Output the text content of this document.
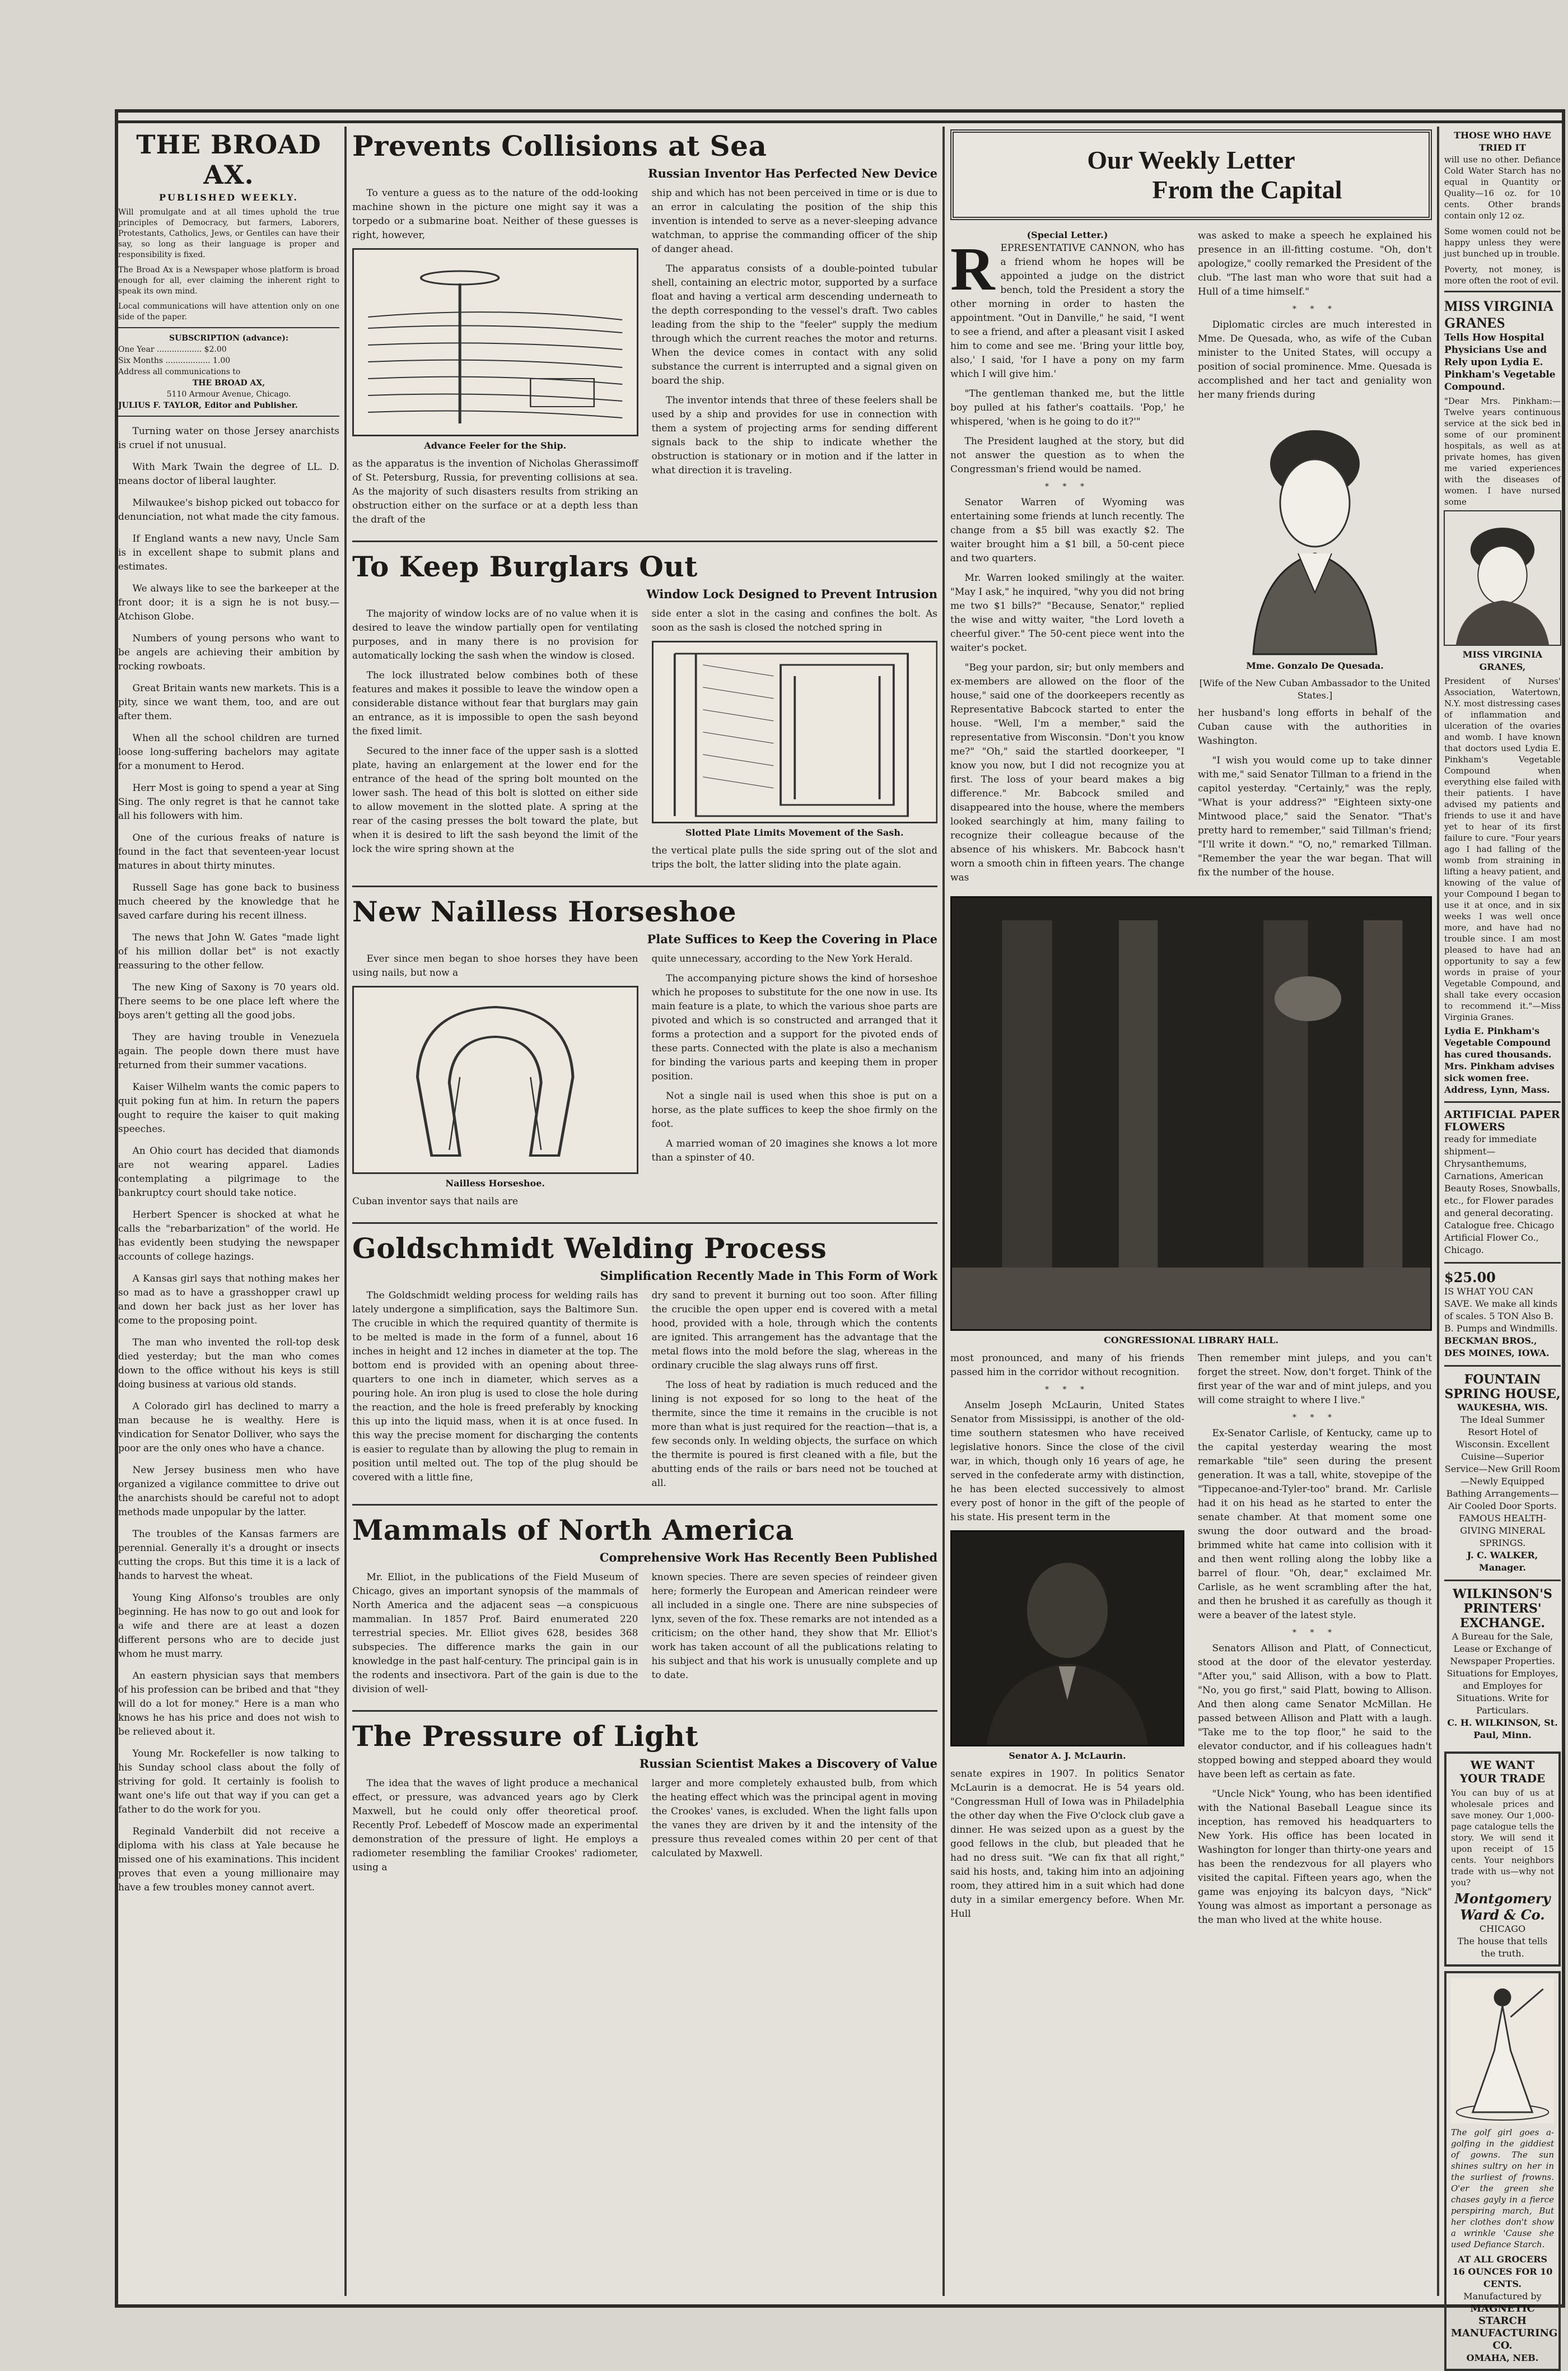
THE BROAD AX.
PUBLISHED WEEKLY.
Will promulgate and at all times uphold the true principles of Democracy, but farmers, Laborers, Protestants, Catholics, Jews, or Gentiles can have their say, so long as their language is proper and responsibility is fixed.
The Broad Ax is a Newspaper whose platform is broad enough for all, ever claiming the inherent right to speak its own mind.
Local communications will have attention only on one side of the paper.
SUBSCRIPTION (advance):
One Year .................. $2.00
Six Months .................. 1.00
Address all communications to
THE BROAD AX,
5110 Armour Avenue, Chicago.
JULIUS F. TAYLOR, Editor and Publisher.

Turning water on those Jersey anarchists is cruel if not unusual.

With Mark Twain the degree of LL. D. means doctor of liberal laughter.

Milwaukee's bishop picked out tobacco for denunciation, not what made the city famous.

If England wants a new navy, Uncle Sam is in excellent shape to submit plans and estimates.

We always like to see the barkeeper at the front door; it is a sign he is not busy.—Atchison Globe.

Numbers of young persons who want to be angels are achieving their ambition by rocking rowboats.

Great Britain wants new markets. This is a pity, since we want them, too, and are out after them.

When all the school children are turned loose long-suffering bachelors may agitate for a monument to Herod.

Herr Most is going to spend a year at Sing Sing. The only regret is that he cannot take all his followers with him.

One of the curious freaks of nature is found in the fact that seventeen-year locust matures in about thirty minutes.

Russell Sage has gone back to business much cheered by the knowledge that he saved carfare during his recent illness.

The news that John W. Gates "made light of his million dollar bet" is not exactly reassuring to the other fellow.

The new King of Saxony is 70 years old. There seems to be one place left where the boys aren't getting all the good jobs.

They are having trouble in Venezuela again. The people down there must have returned from their summer vacations.

Kaiser Wilhelm wants the comic papers to quit poking fun at him. In return the papers ought to require the kaiser to quit making speeches.

An Ohio court has decided that diamonds are not wearing apparel. Ladies contemplating a pilgrimage to the bankruptcy court should take notice.

Herbert Spencer is shocked at what he calls the "rebarbarization" of the world. He has evidently been studying the newspaper accounts of college hazings.

A Kansas girl says that nothing makes her so mad as to have a grasshopper crawl up and down her back just as her lover has come to the proposing point.

The man who invented the roll-top desk died yesterday; but the man who comes down to the office without his keys is still doing business at various old stands.

A Colorado girl has declined to marry a man because he is wealthy. Here is vindication for Senator Dolliver, who says the poor are the only ones who have a chance.

New Jersey business men who have organized a vigilance committee to drive out the anarchists should be careful not to adopt methods made unpopular by the latter.

The troubles of the Kansas farmers are perennial. Generally it's a drought or insects cutting the crops. But this time it is a lack of hands to harvest the wheat.

Young King Alfonso's troubles are only beginning. He has now to go out and look for a wife and there are at least a dozen different persons who are to decide just whom he must marry.

An eastern physician says that members of his profession can be bribed and that "they will do a lot for money." Here is a man who knows he has his price and does not wish to be relieved about it.

Young Mr. Rockefeller is now talking to his Sunday school class about the folly of striving for gold. It certainly is foolish to want one's life out that way if you can get a father to do the work for you.

Reginald Vanderbilt did not receive a diploma with his class at Yale because he missed one of his examinations. This incident proves that even a young millionaire may have a few troubles money cannot avert.

Prevents Collisions at Sea
Russian Inventor Has Perfected New Device

To venture a guess as to the nature of the odd-looking machine shown in the picture one might say it was a torpedo or a submarine boat. Neither of these guesses is right, however,

Advance Feeler for the Ship.

as the apparatus is the invention of Nicholas Gherassimoff of St. Petersburg, Russia, for preventing collisions at sea. As the majority of such disasters results from striking an obstruction either on the surface or at a depth less than the draft of the

ship and which has not been perceived in time or is due to an error in calculating the position of the ship this invention is intended to serve as a never-sleeping advance watchman, to apprise the commanding officer of the ship of danger ahead.

The apparatus consists of a double-pointed tubular shell, containing an electric motor, supported by a surface float and having a vertical arm descending underneath to the depth corresponding to the vessel's draft. Two cables leading from the ship to the "feeler" supply the medium through which the current reaches the motor and returns. When the device comes in contact with any solid substance the current is interrupted and a signal given on board the ship.

The inventor intends that three of these feelers shall be used by a ship and provides for use in connection with them a system of projecting arms for sending different signals back to the ship to indicate whether the obstruction is stationary or in motion and if the latter in what direction it is traveling.

To Keep Burglars Out
Window Lock Designed to Prevent Intrusion

The majority of window locks are of no value when it is desired to leave the window partially open for ventilating purposes, and in many there is no provision for automatically locking the sash when the window is closed.

The lock illustrated below combines both of these features and makes it possible to leave the window open a considerable distance without fear that burglars may gain an entrance, as it is impossible to open the sash beyond the fixed limit.

Secured to the inner face of the upper sash is a slotted plate, having an enlargement at the lower end for the entrance of the head of the spring bolt mounted on the lower sash. The head of this bolt is slotted on either side to allow movement in the slotted plate. A spring at the rear of the casing presses the bolt toward the plate, but when it is desired to lift the sash beyond the limit of the lock the wire spring shown at the

side enter a slot in the casing and confines the bolt. As soon as the sash is closed the notched spring in

Slotted Plate Limits Movement of the Sash.

the vertical plate pulls the side spring out of the slot and trips the bolt, the latter sliding into the plate again.

New Nailless Horseshoe
Plate Suffices to Keep the Covering in Place

Ever since men began to shoe horses they have been using nails, but now a

Nailless Horseshoe.

Cuban inventor says that nails are

quite unnecessary, according to the New York Herald.

The accompanying picture shows the kind of horseshoe which he proposes to substitute for the one now in use. Its main feature is a plate, to which the various shoe parts are pivoted and which is so constructed and arranged that it forms a protection and a support for the pivoted ends of these parts. Connected with the plate is also a mechanism for binding the various parts and keeping them in proper position.

Not a single nail is used when this shoe is put on a horse, as the plate suffices to keep the shoe firmly on the foot.

A married woman of 20 imagines she knows a lot more than a spinster of 40.

Goldschmidt Welding Process
Simplification Recently Made in This Form of Work

The Goldschmidt welding process for welding rails has lately undergone a simplification, says the Baltimore Sun. The crucible in which the required quantity of thermite is to be melted is made in the form of a funnel, about 16 inches in height and 12 inches in diameter at the top. The bottom end is provided with an opening about three-quarters to one inch in diameter, which serves as a pouring hole. An iron plug is used to close the hole during the reaction, and the hole is freed preferably by knocking this up into the liquid mass, when it is at once fused. In this way the precise moment for discharging the contents is easier to regulate than by allowing the plug to remain in position until melted out. The top of the plug should be covered with a little fine,

dry sand to prevent it burning out too soon. After filling the crucible the open upper end is covered with a metal hood, provided with a hole, through which the contents are ignited. This arrangement has the advantage that the metal flows into the mold before the slag, whereas in the ordinary crucible the slag always runs off first.

The loss of heat by radiation is much reduced and the lining is not exposed for so long to the heat of the thermite, since the time it remains in the crucible is not more than what is just required for the reaction—that is, a few seconds only. In welding objects, the surface on which the thermite is poured is first cleaned with a file, but the abutting ends of the rails or bars need not be touched at all.

Mammals of North America
Comprehensive Work Has Recently Been Published

Mr. Elliot, in the publications of the Field Museum of Chicago, gives an important synopsis of the mammals of North America and the adjacent seas —a conspicuous mammalian. In 1857 Prof. Baird enumerated 220 terrestrial species. Mr. Elliot gives 628, besides 368 subspecies. The difference marks the gain in our knowledge in the past half-century. The principal gain is in the rodents and insectivora. Part of the gain is due to the division of well-

known species. There are seven species of reindeer given here; formerly the European and American reindeer were all included in a single one. There are nine subspecies of lynx, seven of the fox. These remarks are not intended as a criticism; on the other hand, they show that Mr. Elliot's work has taken account of all the publications relating to his subject and that his work is unusually complete and up to date.

The Pressure of Light
Russian Scientist Makes a Discovery of Value

The idea that the waves of light produce a mechanical effect, or pressure, was advanced years ago by Clerk Maxwell, but he could only offer theoretical proof. Recently Prof. Lebedeff of Moscow made an experimental demonstration of the pressure of light. He employs a radiometer resembling the familiar Crookes' radiometer, using a

larger and more completely exhausted bulb, from which the heating effect which was the principal agent in moving the Crookes' vanes, is excluded. When the light falls upon the vanes they are driven by it and the intensity of the pressure thus revealed comes within 20 per cent of that calculated by Maxwell.

Our Weekly Letter
From the Capital
(Special Letter.)

REPRESENTATIVE CANNON, who has a friend whom he hopes will be appointed a judge on the district bench, told the President a story the other morning in order to hasten the appointment. "Out in Danville," he said, "I went to see a friend, and after a pleasant visit I asked him to come and see me. 'Bring your little boy, also,' I said, 'for I have a pony on my farm which I will give him.'

"The gentleman thanked me, but the little boy pulled at his father's coattails. 'Pop,' he whispered, 'when is he going to do it?'"

The President laughed at the story, but did not answer the question as to when the Congressman's friend would be named.

* * *

Senator Warren of Wyoming was entertaining some friends at lunch recently. The change from a $5 bill was exactly $2. The waiter brought him a $1 bill, a 50-cent piece and two quarters.

Mr. Warren looked smilingly at the waiter. "May I ask," he inquired, "why you did not bring me two $1 bills?" "Because, Senator," replied the wise and witty waiter, "the Lord loveth a cheerful giver." The 50-cent piece went into the waiter's pocket.

"Beg your pardon, sir; but only members and ex-members are allowed on the floor of the house," said one of the doorkeepers recently as Representative Babcock started to enter the house. "Well, I'm a member," said the representative from Wisconsin. "Don't you know me?" "Oh," said the startled doorkeeper, "I know you now, but I did not recognize you at first. The loss of your beard makes a big difference." Mr. Babcock smiled and disappeared into the house, where the members looked searchingly at him, many failing to recognize their colleague because of the absence of his whiskers. Mr. Babcock hasn't worn a smooth chin in fifteen years. The change was

was asked to make a speech he explained his presence in an ill-fitting costume. "Oh, don't apologize," coolly remarked the President of the club. "The last man who wore that suit had a Hull of a time himself."

* * *

Diplomatic circles are much interested in Mme. De Quesada, who, as wife of the Cuban minister to the United States, will occupy a position of social prominence. Mme. Quesada is accomplished and her tact and geniality won her many friends during

Mme. Gonzalo De Quesada.
[Wife of the New Cuban Ambassador to the United States.]

her husband's long efforts in behalf of the Cuban cause with the authorities in Washington.

"I wish you would come up to take dinner with me," said Senator Tillman to a friend in the capitol yesterday. "Certainly," was the reply, "What is your address?" "Eighteen sixty-one Mintwood place," said the Senator. "That's pretty hard to remember," said Tillman's friend; "I'll write it down." "O, no," remarked Tillman. "Remember the year the war began. That will fix the number of the house.

CONGRESSIONAL LIBRARY HALL.

most pronounced, and many of his friends passed him in the corridor without recognition.

* * *

Anselm Joseph McLaurin, United States Senator from Mississippi, is another of the old-time southern statesmen who have received legislative honors. Since the close of the civil war, in which, though only 16 years of age, he served in the confederate army with distinction, he has been elected successively to almost every post of honor in the gift of the people of his state. His present term in the

Senator A. J. McLaurin.

senate expires in 1907. In politics Senator McLaurin is a democrat. He is 54 years old. "Congressman Hull of Iowa was in Philadelphia the other day when the Five O'clock club gave a dinner. He was seized upon as a guest by the good fellows in the club, but pleaded that he had no dress suit. "We can fix that all right," said his hosts, and, taking him into an adjoining room, they attired him in a suit which had done duty in a similar emergency before. When Mr. Hull

Then remember mint juleps, and you can't forget the street. Now, don't forget. Think of the first year of the war and of mint juleps, and you will come straight to where I live."

* * *

Ex-Senator Carlisle, of Kentucky, came up to the capital yesterday wearing the most remarkable "tile" seen during the present generation. It was a tall, white, stovepipe of the "Tippecanoe-and-Tyler-too" brand. Mr. Carlisle had it on his head as he started to enter the senate chamber. At that moment some one swung the door outward and the broad-brimmed white hat came into collision with it and then went rolling along the lobby like a barrel of flour. "Oh, dear," exclaimed Mr. Carlisle, as he went scrambling after the hat, and then he brushed it as carefully as though it were a beaver of the latest style.

* * *

Senators Allison and Platt, of Connecticut, stood at the door of the elevator yesterday. "After you," said Allison, with a bow to Platt. "No, you go first," said Platt, bowing to Allison. And then along came Senator McMillan. He passed between Allison and Platt with a laugh. "Take me to the top floor," he said to the elevator conductor, and if his colleagues hadn't stopped bowing and stepped aboard they would have been left as certain as fate.

"Uncle Nick" Young, who has been identified with the National Baseball League since its inception, has removed his headquarters to New York. His office has been located in Washington for longer than thirty-one years and has been the rendezvous for all players who visited the capital. Fifteen years ago, when the game was enjoying its balcyon days, "Nick" Young was almost as important a personage as the man who lived at the white house.

THOSE WHO HAVE TRIED IT

will use no other. Defiance Cold Water Starch has no equal in Quantity or Quality—16 oz. for 10 cents. Other brands contain only 12 oz.

Some women could not be happy unless they were just bunched up in trouble.

Poverty, not money, is more often the root of evil.

MISS VIRGINIA GRANES
Tells How Hospital Physicians Use and Rely upon Lydia E. Pinkham's Vegetable Compound.

"Dear Mrs. Pinkham:—Twelve years continuous service at the sick bed in some of our prominent hospitals, as well as at private homes, has given me varied experiences with the diseases of women. I have nursed some

MISS VIRGINIA GRANES,

President of Nurses' Association, Watertown, N.Y. most distressing cases of inflammation and ulceration of the ovaries and womb. I have known that doctors used Lydia E. Pinkham's Vegetable Compound when everything else failed with their patients. I have advised my patients and friends to use it and have yet to hear of its first failure to cure. "Four years ago I had falling of the womb from straining in lifting a heavy patient, and knowing of the value of your Compound I began to use it at once, and in six weeks I was well once more, and have had no trouble since. I am most pleased to have had an opportunity to say a few words in praise of your Vegetable Compound, and shall take every occasion to recommend it."—Miss Virginia Granes.

Lydia E. Pinkham's Vegetable Compound has cured thousands. Mrs. Pinkham advises sick women free. Address, Lynn, Mass.
ARTIFICIAL PAPER FLOWERS
ready for immediate shipment—Chrysanthemums, Carnations, American Beauty Roses, Snowballs, etc., for Flower parades and general decorating. Catalogue free. Chicago Artificial Flower Co., Chicago.
$25.00
IS WHAT YOU CAN SAVE. We make all kinds of scales. 5 TON Also B. B. Pumps and Windmills.
BECKMAN BROS., DES MOINES, IOWA.
FOUNTAIN SPRING HOUSE,
WAUKESHA, WIS.
The Ideal Summer Resort Hotel of Wisconsin. Excellent Cuisine—Superior Service—New Grill Room—Newly Equipped Bathing Arrangements—Air Cooled Door Sports. FAMOUS HEALTH-GIVING MINERAL SPRINGS.
J. C. WALKER, Manager.
WILKINSON'S PRINTERS' EXCHANGE.
A Bureau for the Sale, Lease or Exchange of Newspaper Properties. Situations for Employes, and Employes for Situations. Write for Particulars.
C. H. WILKINSON, St. Paul, Minn.
WE WANT YOUR TRADE

You can buy of us at wholesale prices and save money. Our 1,000-page catalogue tells the story. We will send it upon receipt of 15 cents. Your neighbors trade with us—why not you?

Montgomery Ward & Co.
CHICAGO
The house that tells the truth.

The golf girl goes a-golfing in the giddiest of gowns. The sun shines sultry on her in the surliest of frowns. O'er the green she chases gayly in a fierce perspiring march, But her clothes don't show a wrinkle 'Cause she used Defiance Starch.

AT ALL GROCERS 16 OUNCES FOR 10 CENTS.
Manufactured by
MAGNETIC STARCH MANUFACTURING CO.
OMAHA, NEB.
